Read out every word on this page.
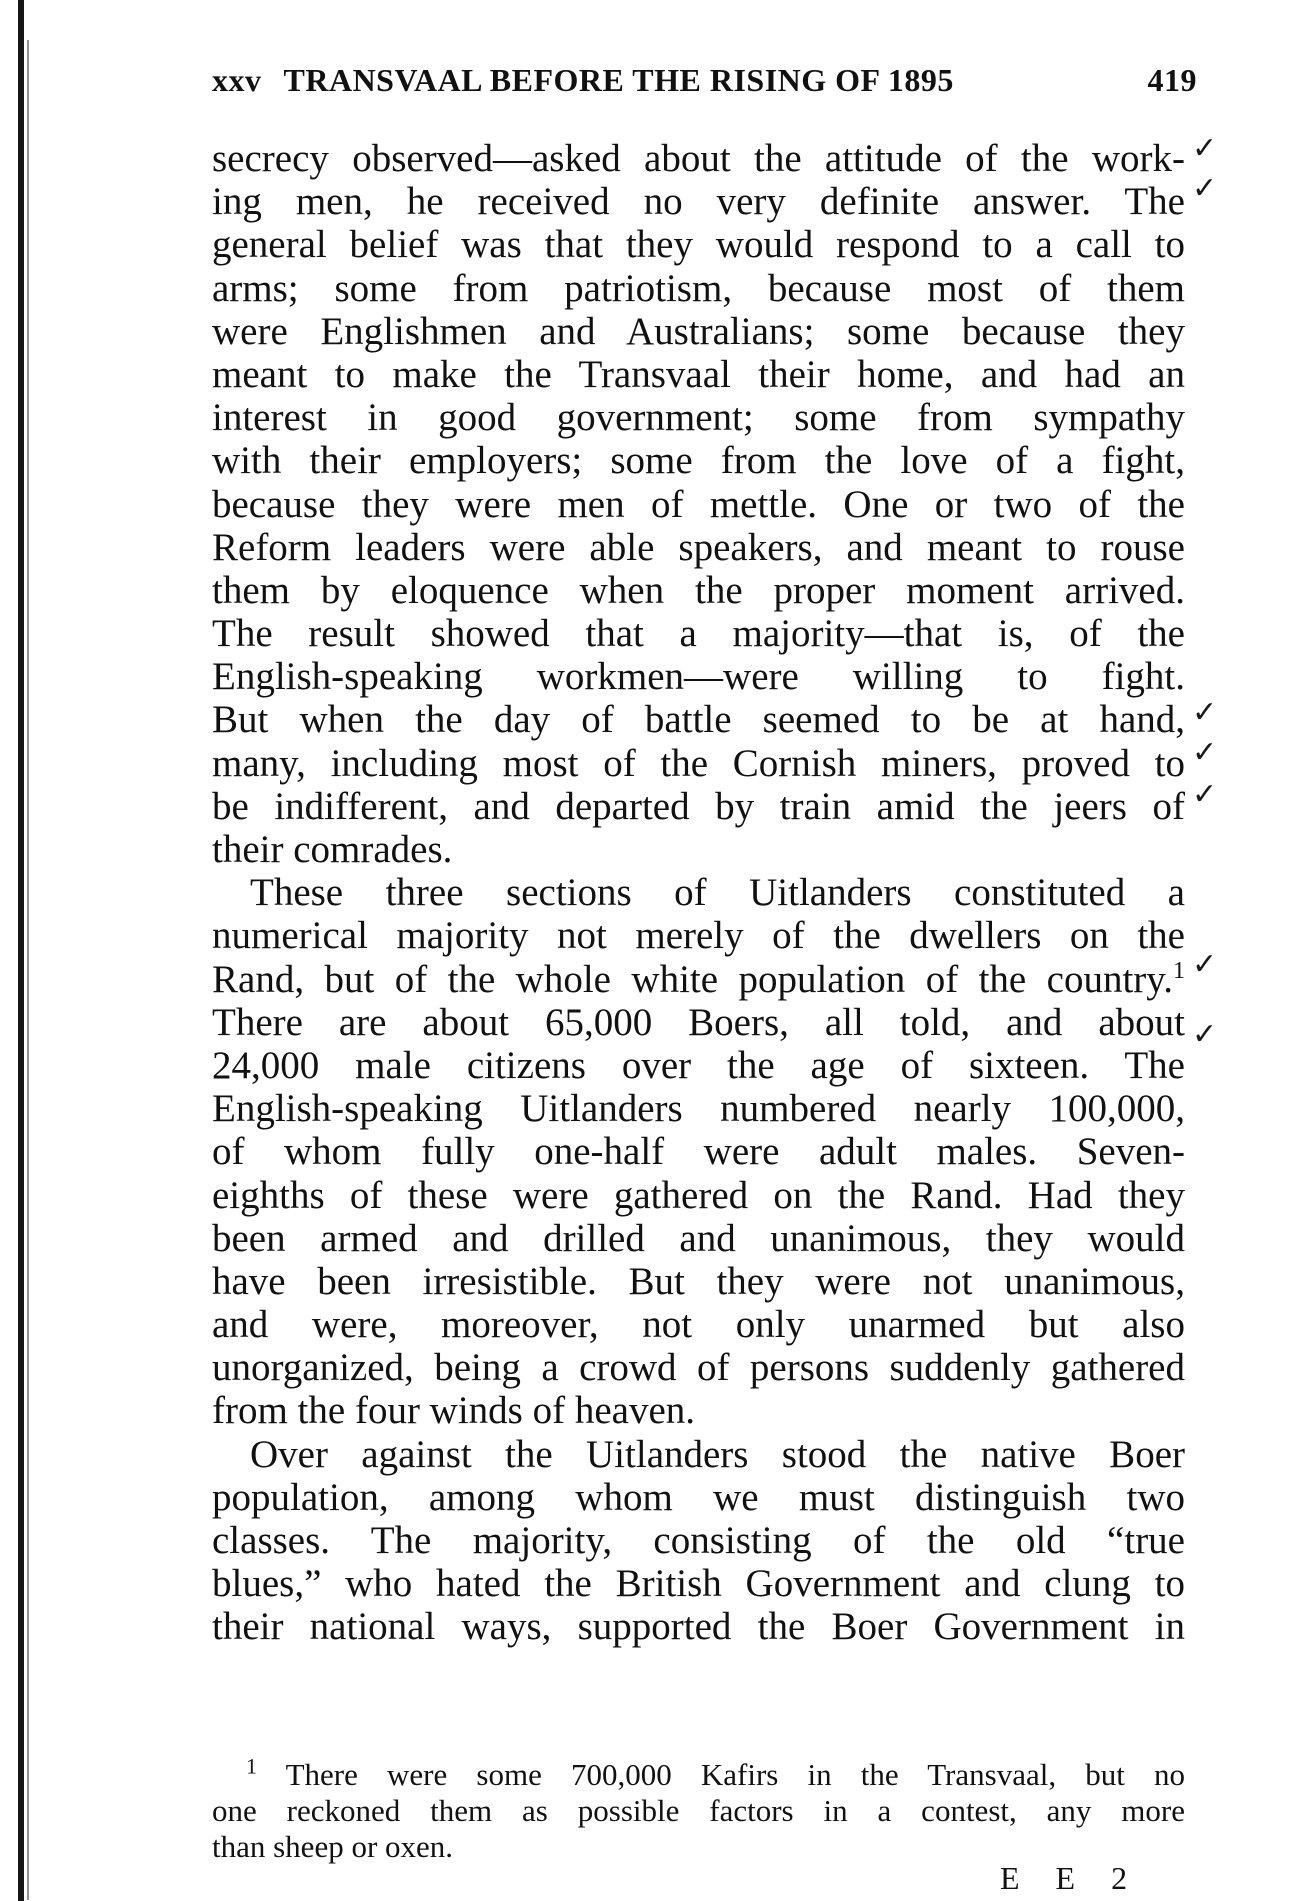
xxv TRANSVAAL BEFORE THE RISING OF 1895	419
secrecy observed—asked about the attitude of the work-
ing men, he received no very definite answer. The
general belief was that they would respond to a call to
arms; some from patriotism, because most of them
were Englishmen and Australians; some because they
meant to make the Transvaal their home, and had an
interest in good government; some from sympathy
with their employers; some from the love of a fight,
because they were men of mettle. One or two of the
Reform leaders were able speakers, and meant to rouse
them by eloquence when the proper moment arrived.
The result showed that a majority—that is, of the
English-speaking workmen—were willing to fight.
But when the day of battle seemed to be at hand,
many, including most of the Cornish miners, proved to
be indifferent, and departed by train amid the jeers of
their comrades.
These three sections of Uitlanders constituted a
numerical majority not merely of the dwellers on the
Rand, but of the whole white population of the country.$^1$
There are about 65,000 Boers, all told, and about
24,000 male citizens over the age of sixteen. The
English-speaking Uitlanders numbered nearly 100,000,
of whom fully one-half were adult males. Seven-
eighths of these were gathered on the Rand. Had they
been armed and drilled and unanimous, they would
have been irresistible. But they were not unanimous,
and were, moreover, not only unarmed but also
unorganized, being a crowd of persons suddenly gathered
from the four winds of heaven.
Over against the Uitlanders stood the native Boer
population, among whom we must distinguish two
classes. The majority, consisting of the old “true
blues,” who hated the British Government and clung to
their national ways, supported the Boer Government in
✓
✓
✓
✓
✓
✓
✓
$^1$ There were some 700,000 Kafirs in the Transvaal, but no
one reckoned them as possible factors in a contest, any more
than sheep or oxen.
E E 2
